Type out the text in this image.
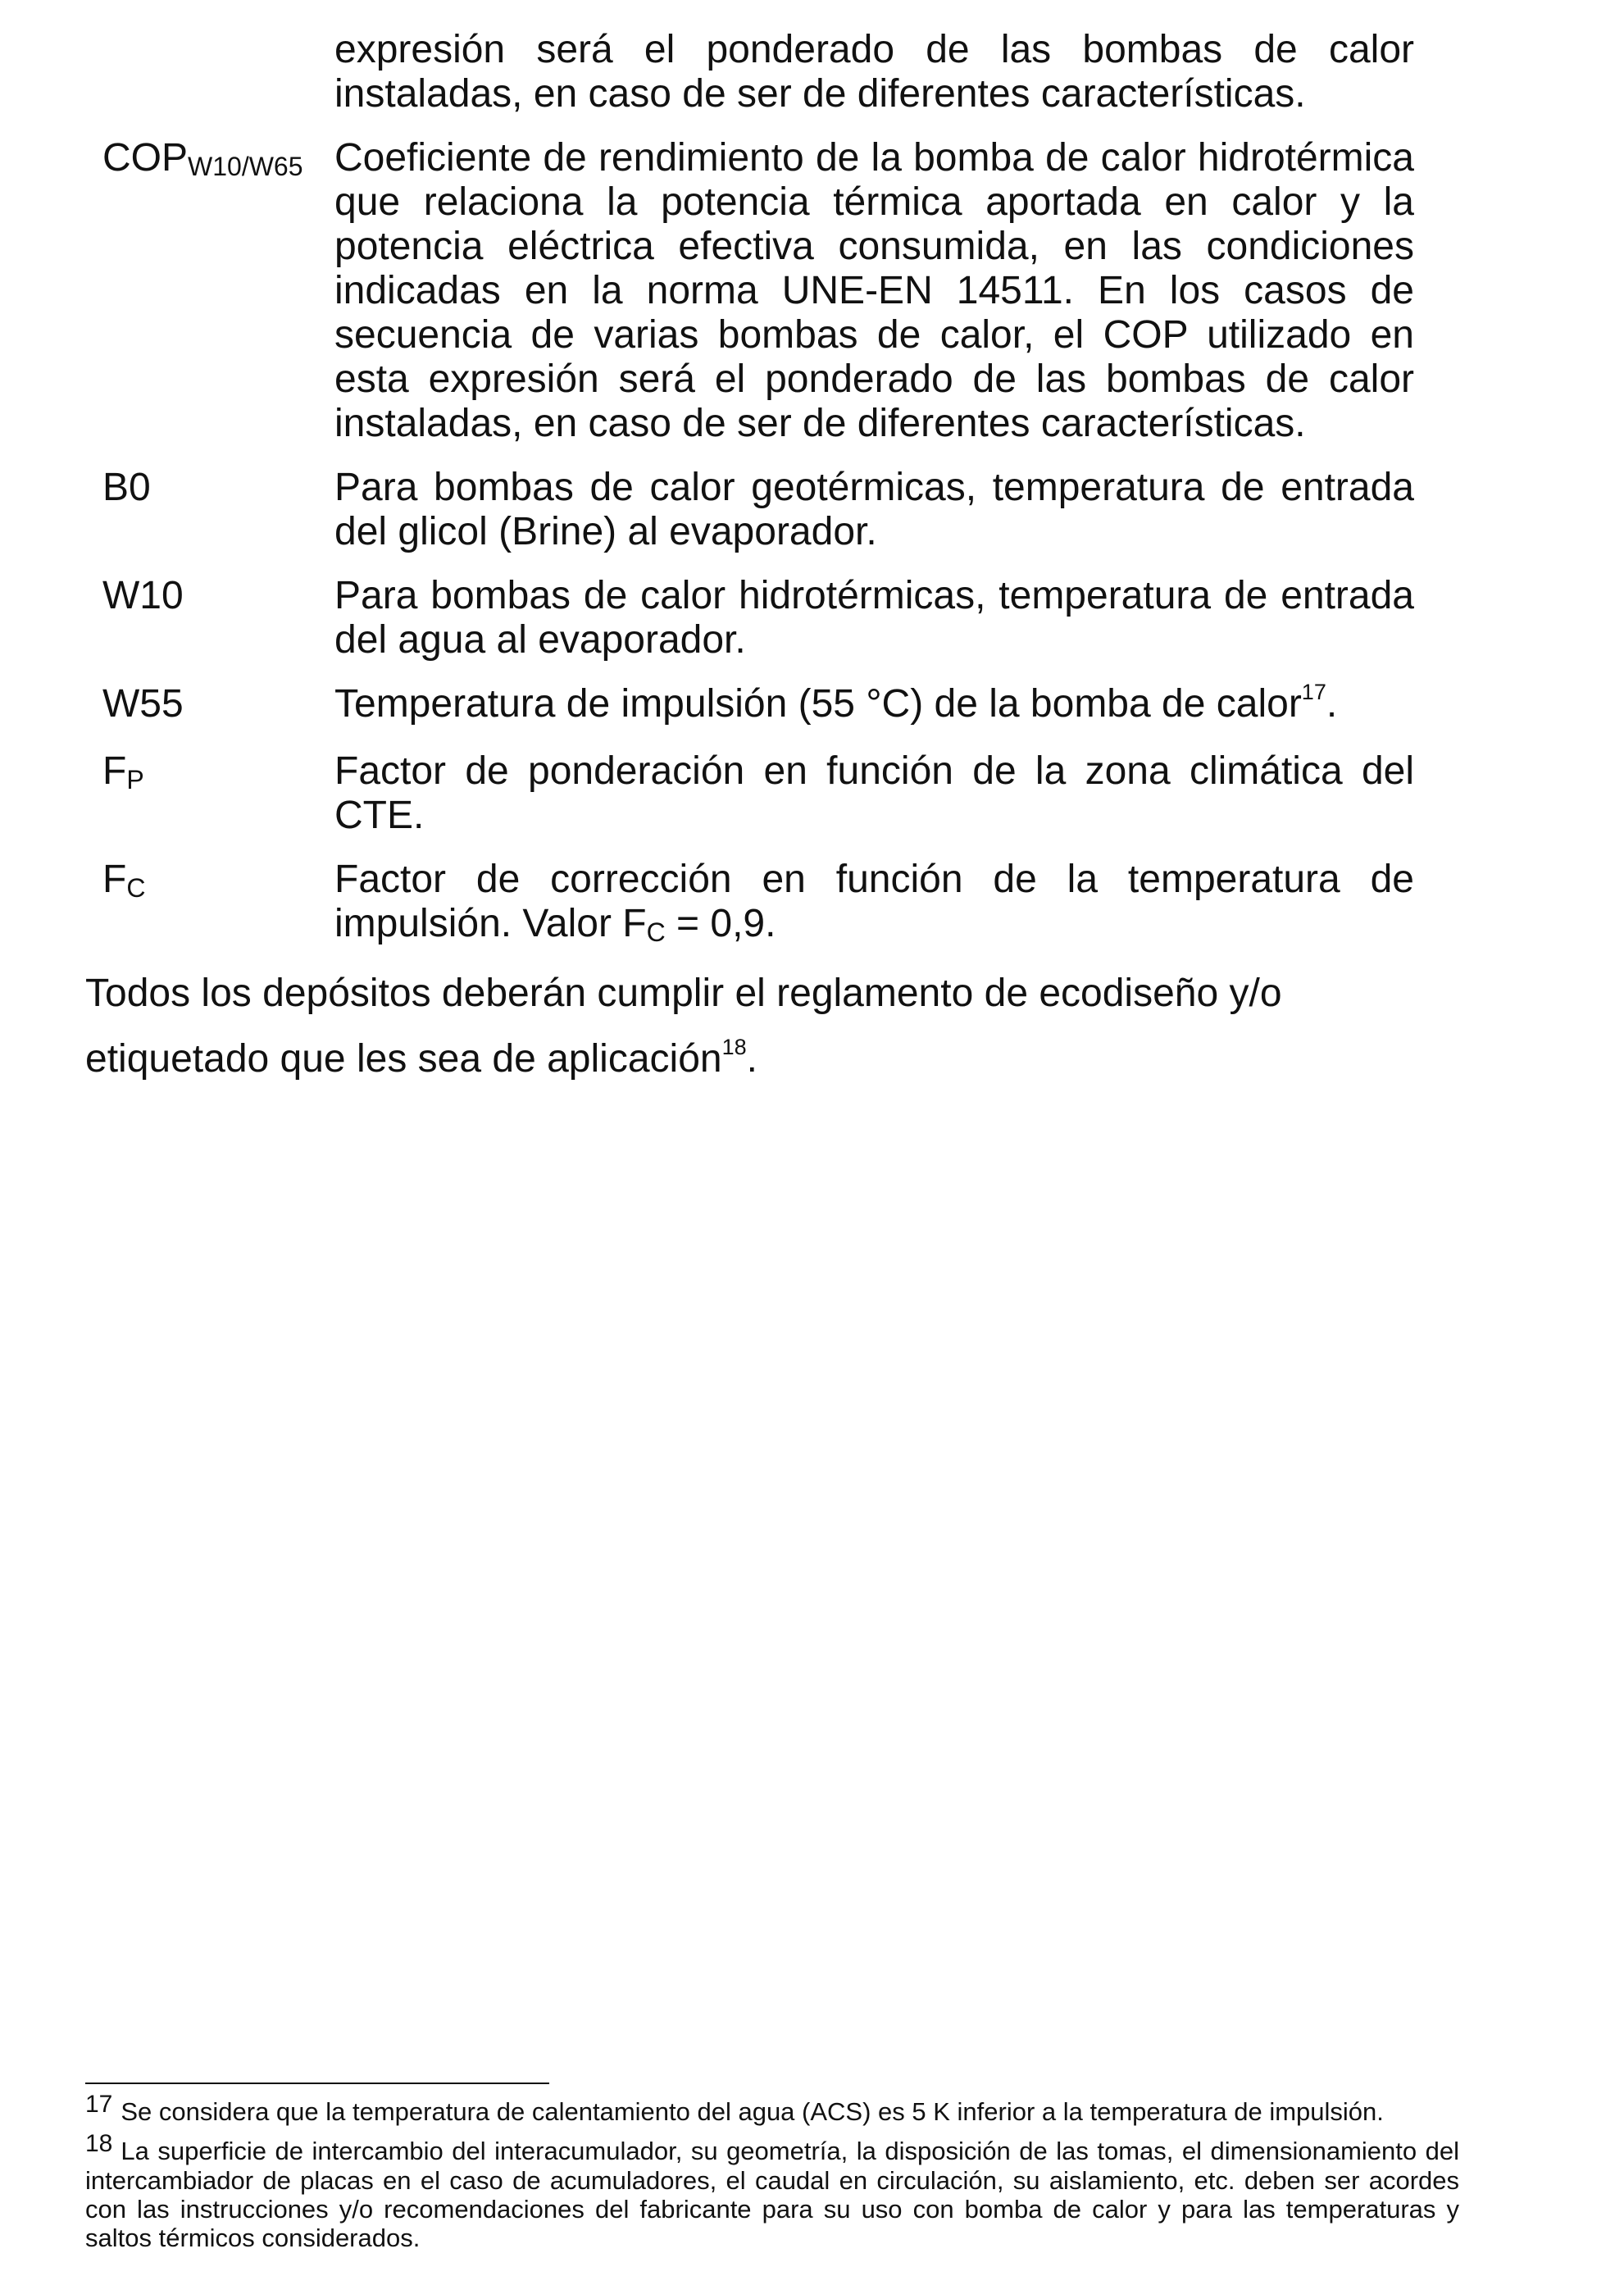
expresión será el ponderado de las bombas de calor instaladas, en caso de ser de diferentes características.
COPW10/W65 Coeficiente de rendimiento de la bomba de calor hidrotérmica que relaciona la potencia térmica aportada en calor y la potencia eléctrica efectiva consumida, en las condiciones indicadas en la norma UNE-EN 14511. En los casos de secuencia de varias bombas de calor, el COP utilizado en esta expresión será el ponderado de las bombas de calor instaladas, en caso de ser de diferentes características.
B0	Para bombas de calor geotérmicas, temperatura de entrada del glicol (Brine) al evaporador.
W10	Para bombas de calor hidrotérmicas, temperatura de entrada del agua al evaporador.
W55	Temperatura de impulsión (55 °C) de la bomba de calor$^{17}$.
FP	Factor de ponderación en función de la zona climática del CTE.
FC	Factor de corrección en función de la temperatura de impulsión. Valor FC = 0,9.
Todos los depósitos deberán cumplir el reglamento de ecodiseño y/o etiquetado que les sea de aplicación$^{18}$.
17 Se considera que la temperatura de calentamiento del agua (ACS) es 5 K inferior a la temperatura de impulsión.
18 La superficie de intercambio del interacumulador, su geometría, la disposición de las tomas, el dimensionamiento del intercambiador de placas en el caso de acumuladores, el caudal en circulación, su aislamiento, etc. deben ser acordes con las instrucciones y/o recomendaciones del fabricante para su uso con bomba de calor y para las temperaturas y saltos térmicos considerados.
